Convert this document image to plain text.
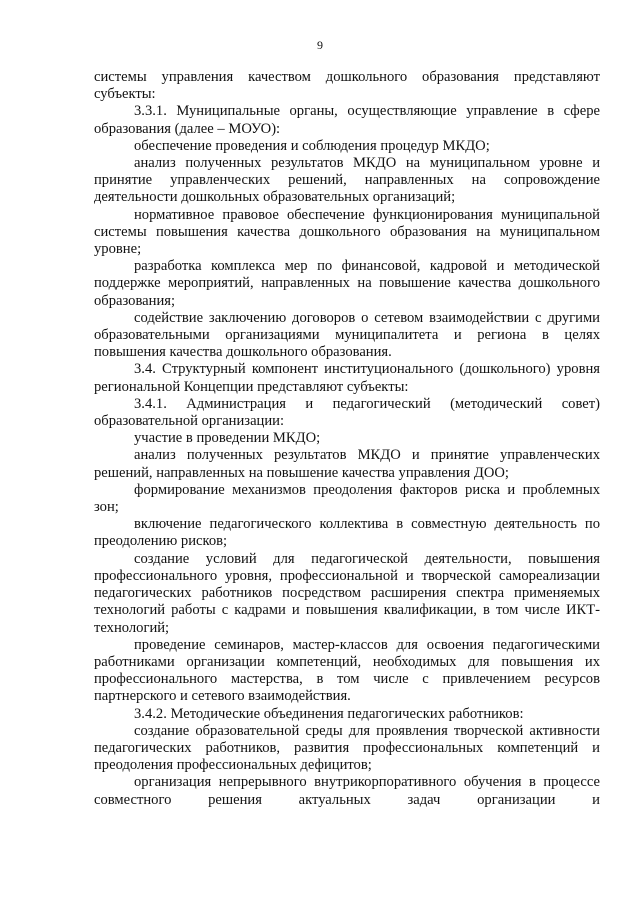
9

системы управления качеством дошкольного образования представляют субъекты:

3.3.1. Муниципальные органы, осуществляющие управление в сфере образования (далее – МОУО):

обеспечение проведения и соблюдения процедур МКДО;

анализ полученных результатов МКДО на муниципальном уровне и принятие управленческих решений, направленных на сопровождение деятельности дошкольных образовательных организаций;

нормативное правовое обеспечение функционирования муниципальной системы повышения качества дошкольного образования на муниципальном уровне;

разработка комплекса мер по финансовой, кадровой и методической поддержке мероприятий, направленных на повышение качества дошкольного образования;

содействие заключению договоров о сетевом взаимодействии с другими образовательными организациями муниципалитета и региона в целях повышения качества дошкольного образования.

3.4. Структурный компонент институционального (дошкольного) уровня региональной Концепции представляют субъекты:

3.4.1. Администрация и педагогический (методический совет) образовательной организации:

участие в проведении МКДО;

анализ полученных результатов МКДО и принятие управленческих решений, направленных на повышение качества управления ДОО;

формирование механизмов преодоления факторов риска и проблемных зон;

включение педагогического коллектива в совместную деятельность по преодолению рисков;

создание условий для педагогической деятельности, повышения профессионального уровня, профессиональной и творческой самореализации педагогических работников посредством расширения спектра применяемых технологий работы с кадрами и повышения квалификации, в том числе ИКТ-технологий;

проведение семинаров, мастер-классов для освоения педагогическими работниками организации компетенций, необходимых для повышения их профессионального мастерства, в том числе с привлечением ресурсов партнерского и сетевого взаимодействия.

3.4.2. Методические объединения педагогических работников:

создание образовательной среды для проявления творческой активности педагогических работников, развития профессиональных компетенций и преодоления профессиональных дефицитов;

организация непрерывного внутрикорпоративного обучения в процессе совместного решения актуальных задач организации и
